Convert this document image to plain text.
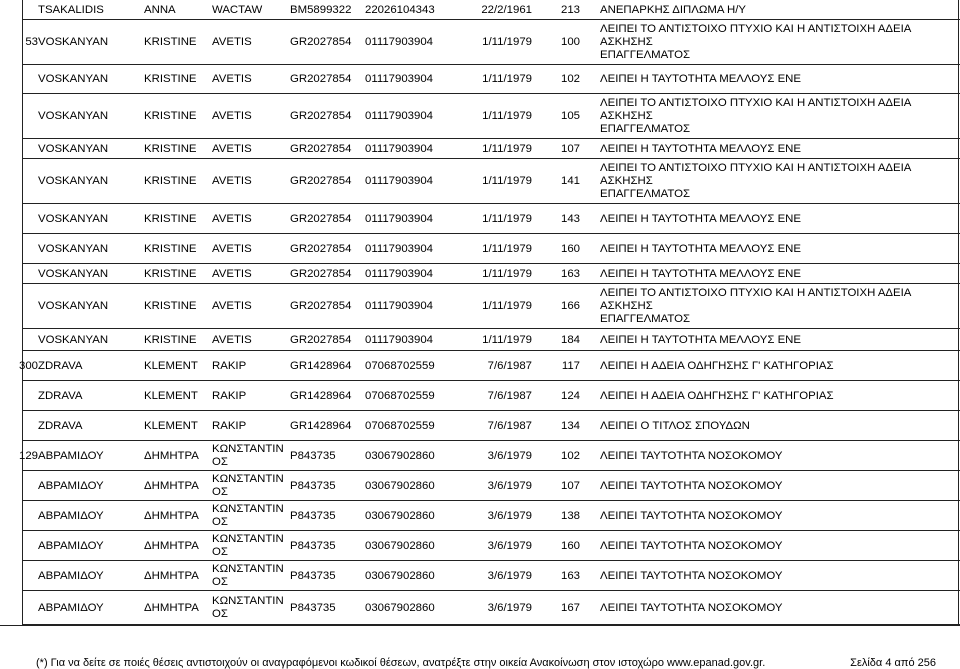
TSAKALIDIS	ANNA	WACTAW BM5899322 22026104343	22/2/1961	213 ΑΝΕΠΑΡΚΗΣ ΔΙΠΛΩΜΑ Η/Υ
53 VOSKANYAN	KRISTINE AVETIS	GR2027854 01117903904	1/11/1979	100
ΛΕΙΠΕΙ ΤΟ ΑΝΤΙΣΤΟΙΧΟ ΠΤΥΧΙΟ ΚΑΙ Η ΑΝΤΙΣΤΟΙΧΗ ΑΔΕΙΑ ΑΣΚΗΣΗΣ
ΕΠΑΓΓΕΛΜΑΤΟΣ
VOSKANYAN	KRISTINE AVETIS	GR2027854 01117903904	1/11/1979	102 ΛΕΙΠΕΙ Η ΤΑΥΤΟΤΗΤΑ ΜΕΛΛΟΥΣ ΕΝΕ
VOSKANYAN	KRISTINE AVETIS	GR2027854 01117903904	1/11/1979	105
ΛΕΙΠΕΙ ΤΟ ΑΝΤΙΣΤΟΙΧΟ ΠΤΥΧΙΟ ΚΑΙ Η ΑΝΤΙΣΤΟΙΧΗ ΑΔΕΙΑ ΑΣΚΗΣΗΣ
ΕΠΑΓΓΕΛΜΑΤΟΣ
VOSKANYAN	KRISTINE AVETIS	GR2027854 01117903904	1/11/1979	107 ΛΕΙΠΕΙ Η ΤΑΥΤΟΤΗΤΑ ΜΕΛΛΟΥΣ ΕΝΕ
VOSKANYAN	KRISTINE AVETIS	GR2027854 01117903904	1/11/1979	141
ΛΕΙΠΕΙ ΤΟ ΑΝΤΙΣΤΟΙΧΟ ΠΤΥΧΙΟ ΚΑΙ Η ΑΝΤΙΣΤΟΙΧΗ ΑΔΕΙΑ ΑΣΚΗΣΗΣ
ΕΠΑΓΓΕΛΜΑΤΟΣ
VOSKANYAN	KRISTINE AVETIS	GR2027854 01117903904	1/11/1979	143 ΛΕΙΠΕΙ Η ΤΑΥΤΟΤΗΤΑ ΜΕΛΛΟΥΣ ΕΝΕ
VOSKANYAN	KRISTINE AVETIS	GR2027854 01117903904	1/11/1979	160 ΛΕΙΠΕΙ Η ΤΑΥΤΟΤΗΤΑ ΜΕΛΛΟΥΣ ΕΝΕ
VOSKANYAN	KRISTINE AVETIS	GR2027854 01117903904	1/11/1979	163 ΛΕΙΠΕΙ Η ΤΑΥΤΟΤΗΤΑ ΜΕΛΛΟΥΣ ΕΝΕ
VOSKANYAN	KRISTINE AVETIS	GR2027854 01117903904	1/11/1979	166
ΛΕΙΠΕΙ ΤΟ ΑΝΤΙΣΤΟΙΧΟ ΠΤΥΧΙΟ ΚΑΙ Η ΑΝΤΙΣΤΟΙΧΗ ΑΔΕΙΑ ΑΣΚΗΣΗΣ
ΕΠΑΓΓΕΛΜΑΤΟΣ
VOSKANYAN	KRISTINE AVETIS	GR2027854 01117903904	1/11/1979	184 ΛΕΙΠΕΙ Η ΤΑΥΤΟΤΗΤΑ ΜΕΛΛΟΥΣ ΕΝΕ
300 ZDRAVA	KLEMENT RAKIP	GR1428964 07068702559	7/6/1987	117 ΛΕΙΠΕΙ Η ΑΔΕΙΑ ΟΔΗΓΗΣΗΣ Γ' ΚΑΤΗΓΟΡΙΑΣ
ZDRAVA	KLEMENT RAKIP	GR1428964 07068702559	7/6/1987	124 ΛΕΙΠΕΙ Η ΑΔΕΙΑ ΟΔΗΓΗΣΗΣ Γ' ΚΑΤΗΓΟΡΙΑΣ
ZDRAVA	KLEMENT RAKIP	GR1428964 07068702559	7/6/1987	134 ΛΕΙΠΕΙ Ο ΤΙΤΛΟΣ ΣΠΟΥΔΩΝ
129 ΑΒΡΑΜΙΔΟΥ	ΔΗΜΗΤΡΑ
ΚΩΝΣΤΑΝΤΙΝ
ΟΣ
P843735	03067902860	3/6/1979	102 ΛΕΙΠΕΙ ΤΑΥΤΟΤΗΤΑ ΝΟΣΟΚΟΜΟΥ
ΑΒΡΑΜΙΔΟΥ	ΔΗΜΗΤΡΑ
ΚΩΝΣΤΑΝΤΙΝ
ΟΣ
P843735	03067902860	3/6/1979	107 ΛΕΙΠΕΙ ΤΑΥΤΟΤΗΤΑ ΝΟΣΟΚΟΜΟΥ
ΑΒΡΑΜΙΔΟΥ	ΔΗΜΗΤΡΑ
ΚΩΝΣΤΑΝΤΙΝ
ΟΣ
P843735	03067902860	3/6/1979	138 ΛΕΙΠΕΙ ΤΑΥΤΟΤΗΤΑ ΝΟΣΟΚΟΜΟΥ
ΑΒΡΑΜΙΔΟΥ	ΔΗΜΗΤΡΑ
ΚΩΝΣΤΑΝΤΙΝ
ΟΣ
P843735	03067902860	3/6/1979	160 ΛΕΙΠΕΙ ΤΑΥΤΟΤΗΤΑ ΝΟΣΟΚΟΜΟΥ
ΑΒΡΑΜΙΔΟΥ	ΔΗΜΗΤΡΑ
ΚΩΝΣΤΑΝΤΙΝ
ΟΣ
P843735	03067902860	3/6/1979	163 ΛΕΙΠΕΙ ΤΑΥΤΟΤΗΤΑ ΝΟΣΟΚΟΜΟΥ
ΑΒΡΑΜΙΔΟΥ	ΔΗΜΗΤΡΑ
ΚΩΝΣΤΑΝΤΙΝ
ΟΣ
P843735	03067902860	3/6/1979	167 ΛΕΙΠΕΙ ΤΑΥΤΟΤΗΤΑ ΝΟΣΟΚΟΜΟΥ
(*) Για να δείτε σε ποιές θέσεις αντιστοιχούν οι αναγραφόμενοι κωδικοί θέσεων, ανατρέξτε στην οικεία Ανακοίνωση στον ιστοχώρο www.epanad.gov.gr.	Σελίδα 4 από 256
